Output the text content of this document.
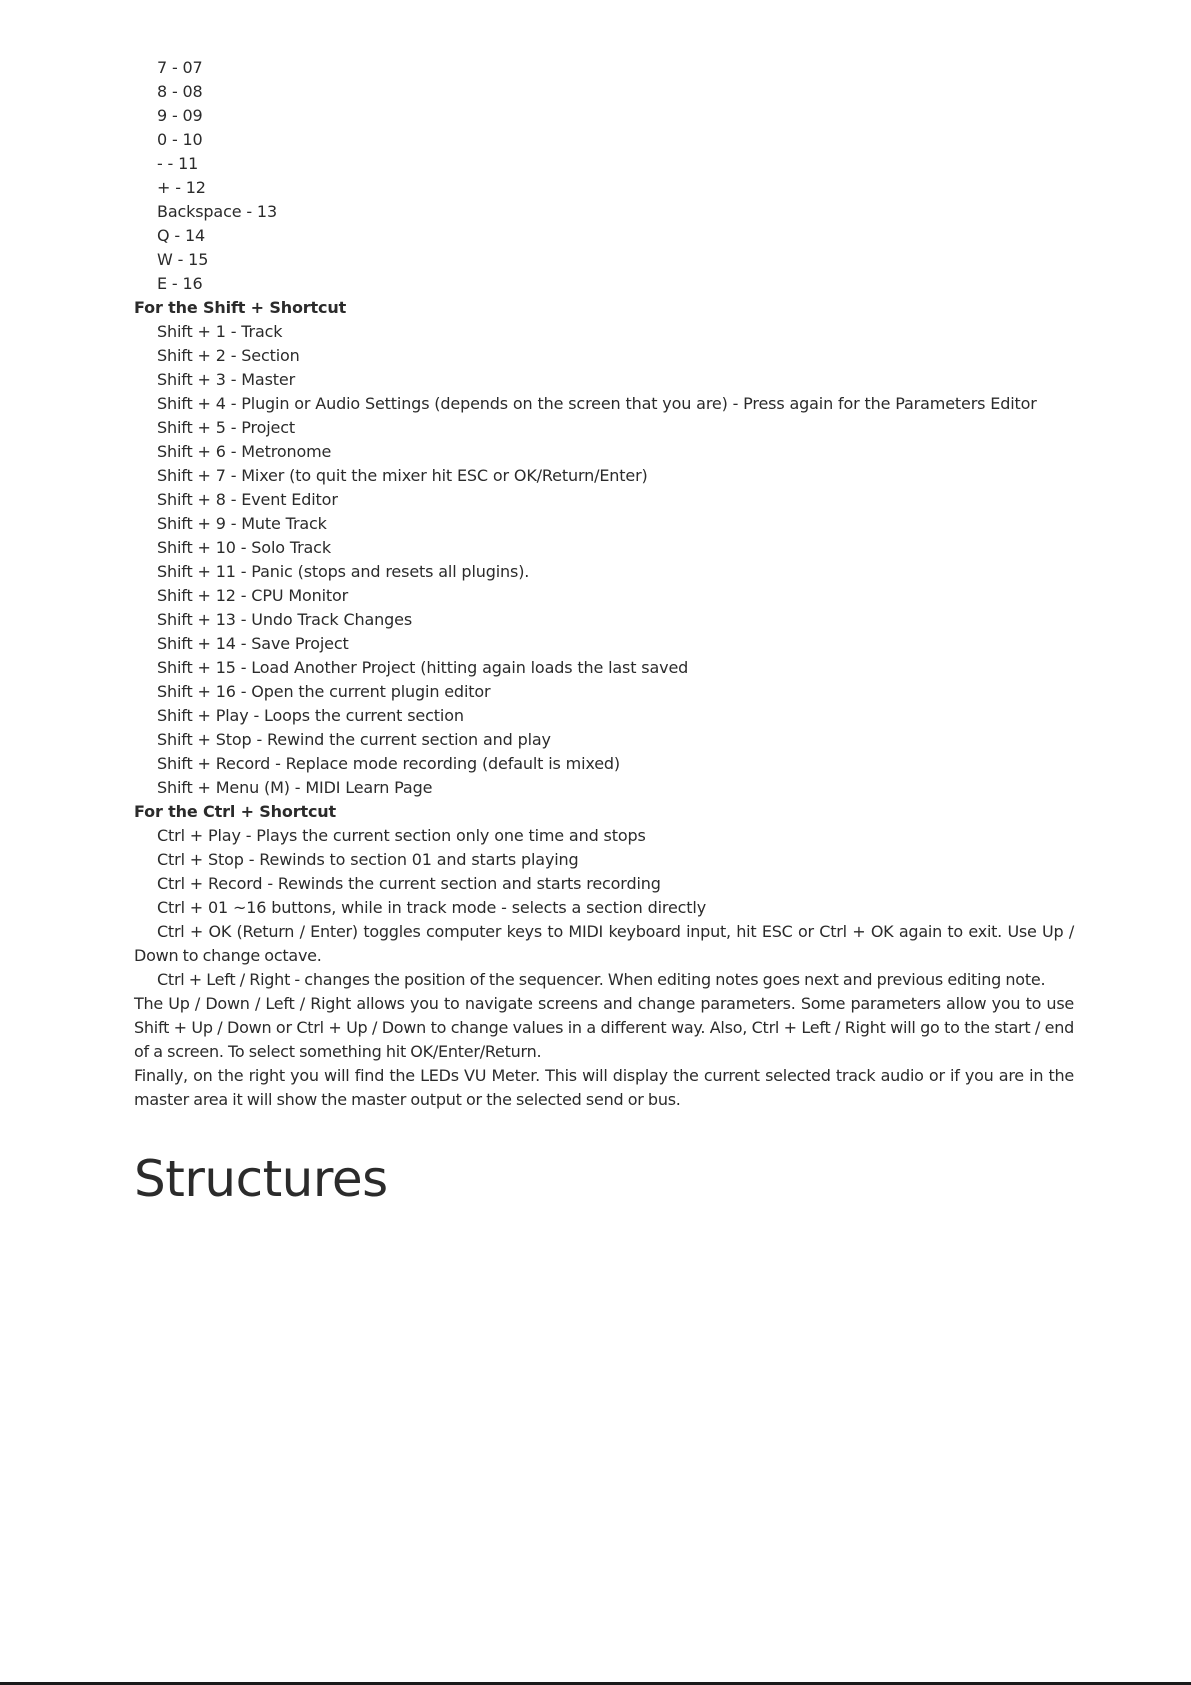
7 - 07
8 - 08
9 - 09
0 - 10
- - 11
+ - 12
Backspace - 13
Q - 14
W - 15
E - 16
For the Shift + Shortcut
Shift + 1 - Track
Shift + 2 - Section
Shift + 3 - Master
Shift + 4 - Plugin or Audio Settings (depends on the screen that you are) - Press again for the Parameters Editor
Shift + 5 - Project
Shift + 6 - Metronome
Shift + 7 - Mixer (to quit the mixer hit ESC or OK/Return/Enter)
Shift + 8 - Event Editor
Shift + 9 - Mute Track
Shift + 10 - Solo Track
Shift + 11 - Panic (stops and resets all plugins).
Shift + 12 - CPU Monitor
Shift + 13 - Undo Track Changes
Shift + 14 - Save Project
Shift + 15 - Load Another Project (hitting again loads the last saved
Shift + 16 - Open the current plugin editor
Shift + Play - Loops the current section
Shift + Stop - Rewind the current section and play
Shift + Record - Replace mode recording (default is mixed)
Shift + Menu (M) - MIDI Learn Page
For the Ctrl + Shortcut
Ctrl + Play - Plays the current section only one time and stops
Ctrl + Stop - Rewinds to section 01 and starts playing
Ctrl + Record - Rewinds the current section and starts recording
Ctrl + 01 ~16 buttons, while in track mode - selects a section directly
Ctrl + OK (Return / Enter) toggles computer keys to MIDI keyboard input, hit ESC or Ctrl + OK again to exit. Use Up / Down to change octave.
Ctrl + Left / Right - changes the position of the sequencer. When editing notes goes next and previous editing note.
The Up / Down / Left / Right allows you to navigate screens and change parameters. Some parameters allow you to use Shift + Up / Down or Ctrl + Up / Down to change values in a different way. Also, Ctrl + Left / Right will go to the start / end of a screen. To select something hit OK/Enter/Return.
Finally, on the right you will find the LEDs VU Meter. This will display the current selected track audio or if you are in the master area it will show the master output or the selected send or bus.
Structures
